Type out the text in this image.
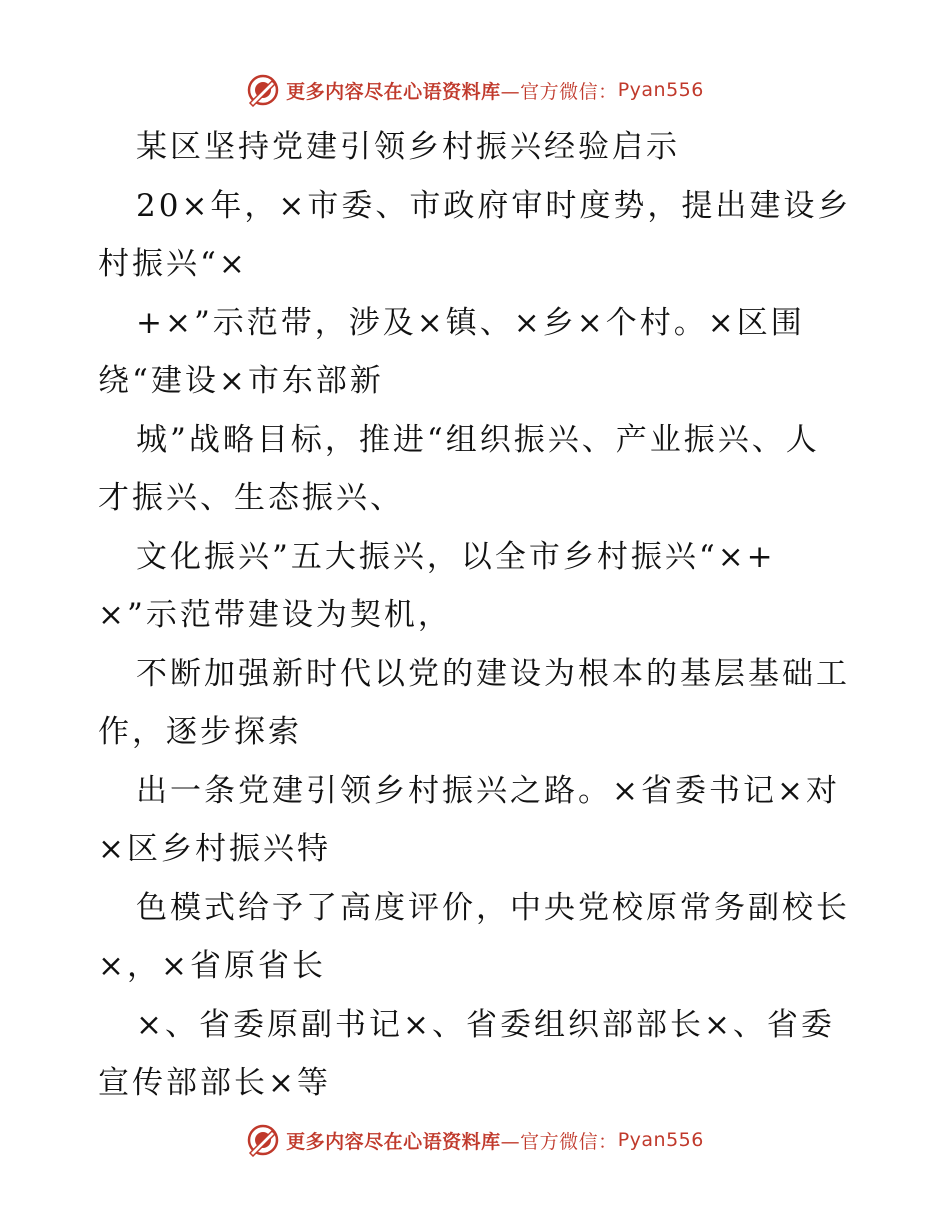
更多内容尽在心语资料库 —官方微信： Pyan556
某区坚持党建引领乡村振兴经验启示
20×年，×市委、市政府审时度势，提出建设乡
村振兴“×
+×”示范带，涉及×镇、×乡×个村。×区围
绕“建设×市东部新
城”战略目标，推进“组织振兴、产业振兴、人
才振兴、生态振兴、
文化振兴”五大振兴，以全市乡村振兴“×+
×”示范带建设为契机，
不断加强新时代以党的建设为根本的基层基础工
作，逐步探索
出一条党建引领乡村振兴之路。×省委书记×对
×区乡村振兴特
色模式给予了高度评价，中央党校原常务副校长
×，×省原省长
×、省委原副书记×、省委组织部部长×、省委
宣传部部长×等
更多内容尽在心语资料库 —官方微信： Pyan556
